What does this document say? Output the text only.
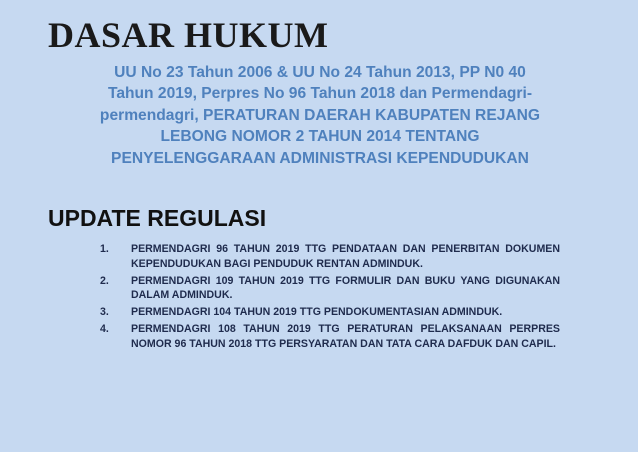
DASAR HUKUM
UU No 23 Tahun 2006 & UU No 24 Tahun 2013, PP N0 40 Tahun 2019, Perpres No 96 Tahun 2018 dan Permendagri-permendagri, PERATURAN DAERAH KABUPATEN REJANG LEBONG NOMOR 2 TAHUN 2014 TENTANG PENYELENGGARAAN ADMINISTRASI KEPENDUDUKAN
UPDATE REGULASI
1.	PERMENDAGRI 96 TAHUN 2019 TTG PENDATAAN DAN PENERBITAN DOKUMEN KEPENDUDUKAN BAGI PENDUDUK RENTAN ADMINDUK.
2.	PERMENDAGRI 109 TAHUN 2019 TTG FORMULIR DAN BUKU YANG DIGUNAKAN DALAM ADMINDUK.
3.	PERMENDAGRI 104 TAHUN 2019 TTG PENDOKUMENTASIAN ADMINDUK.
4.	PERMENDAGRI 108 TAHUN 2019 TTG PERATURAN PELAKSANAAN PERPRES NOMOR 96 TAHUN 2018 TTG PERSYARATAN DAN TATA CARA DAFDUK DAN CAPIL.
